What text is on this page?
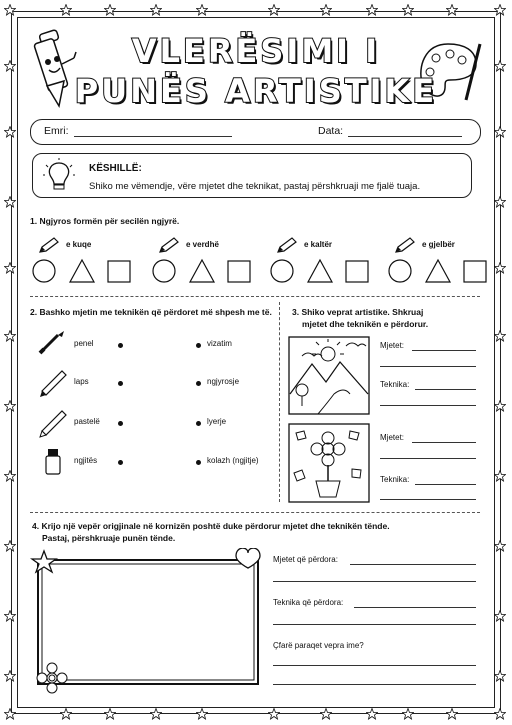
VLERËSIMI I
PUNËS ARTISTIKE
Emri:	Data:
KËSHILLË:
Shiko me vëmendje, vëre mjetet dhe teknikat, pastaj përshkruaji me fjalë tuaja.
1. Ngjyros formën për secilën ngjyrë.
e kuqe	e verdhë	e kaltër	e gjelbër
2. Bashko mjetin me teknikën që përdoret më shpesh me të.
penel	vizatim
laps	ngjyrosje
pastelë	lyerje
ngjitës	kolazh (ngjitje)
3. Shiko veprat artistike. Shkruaj
mjetet dhe teknikën e përdorur.
Mjetet:
Teknika:
Mjetet:
Teknika:
4. Krijo një vepër origjinale në kornizën poshtë duke përdorur mjetet dhe teknikën tënde.
Pastaj, përshkruaje punën tënde.
Mjetet që përdora:
Teknika që përdora:
Çfarë paraqet vepra ime?
